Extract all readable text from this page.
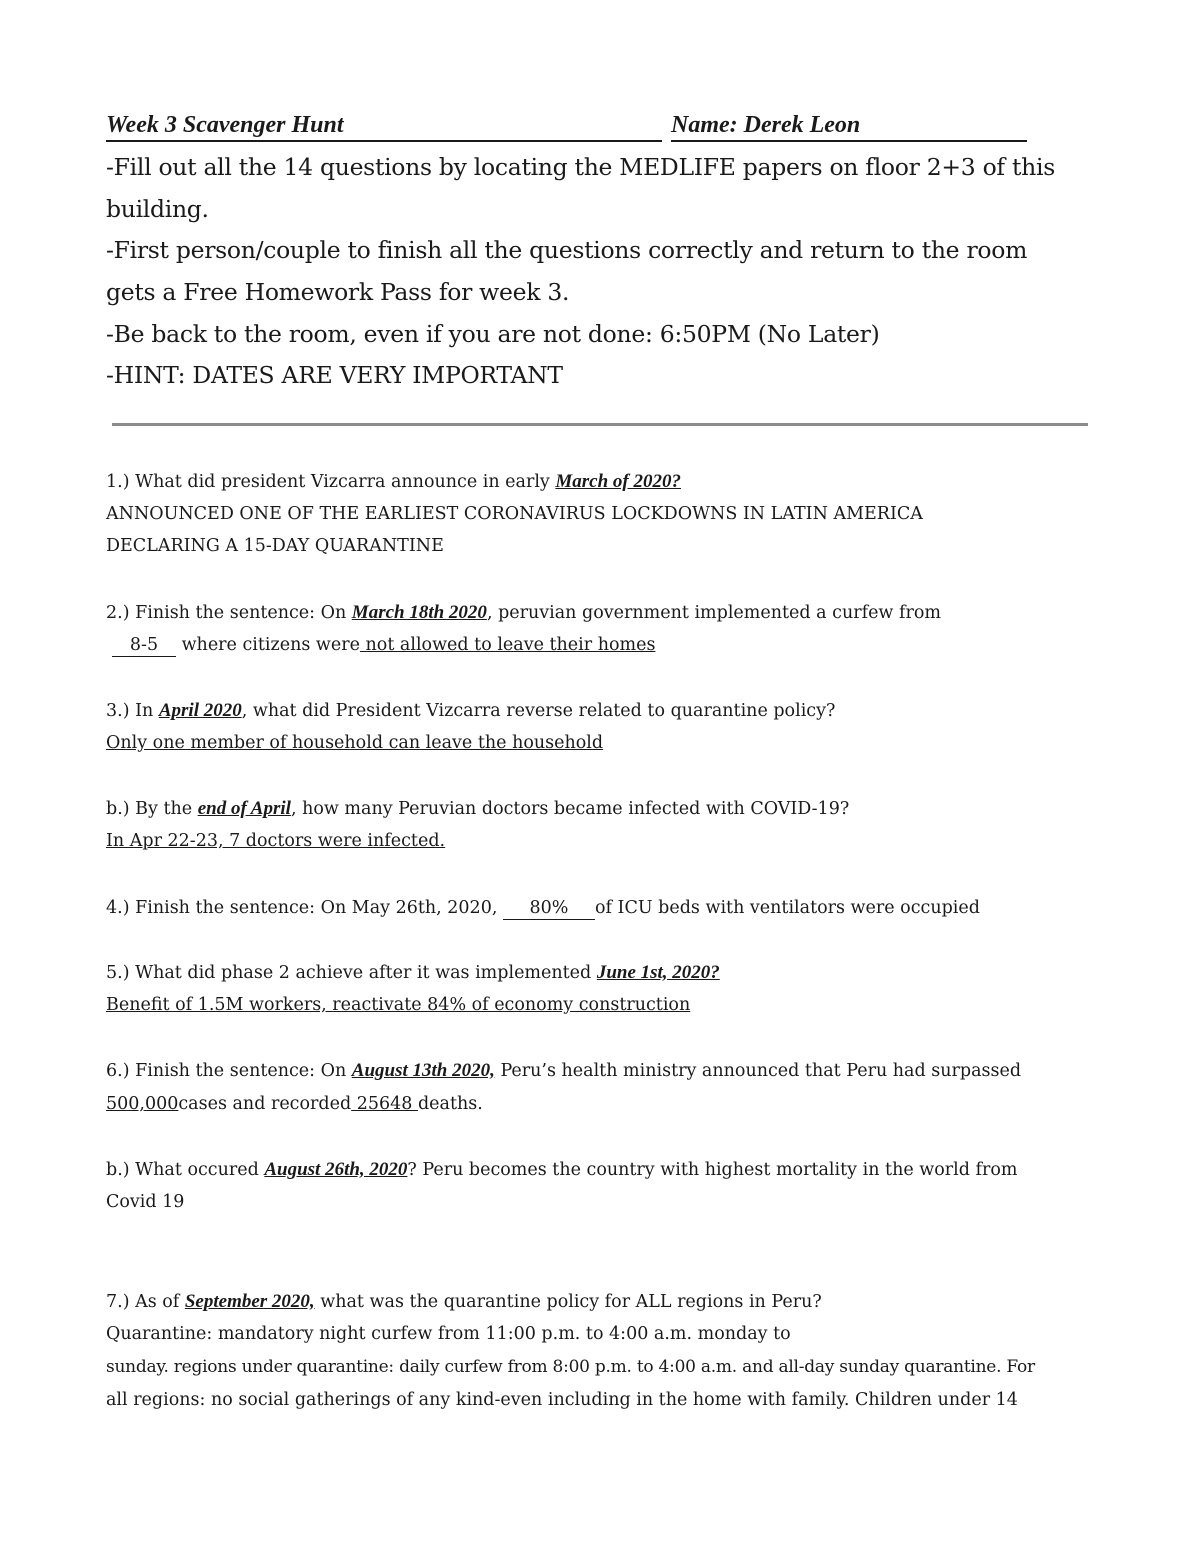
Week 3 Scavenger Hunt	Name: Derek Leon
-Fill out all the 14 questions by locating the MEDLIFE papers on floor 2+3 of this
building.
-First person/couple to finish all the questions correctly and return to the room
gets a Free Homework Pass for week 3.
-Be back to the room, even if you are not done: 6:50PM (No Later)
-HINT: DATES ARE VERY IMPORTANT
1.) What did president Vizcarra announce in early March of 2020?
ANNOUNCED ONE OF THE EARLIEST CORONAVIRUS LOCKDOWNS IN LATIN AMERICA
DECLARING A 15-DAY QUARANTINE
2.) Finish the sentence: On March 18th 2020, peruvian government implemented a curfew from
8-5 where citizens were not allowed to leave their homes
3.) In April 2020, what did President Vizcarra reverse related to quarantine policy?
Only one member of household can leave the household
b.) By the end of April, how many Peruvian doctors became infected with COVID-19?
In Apr 22-23, 7 doctors were infected.
4.) Finish the sentence: On May 26th, 2020, 80% of ICU beds with ventilators were occupied
5.) What did phase 2 achieve after it was implemented June 1st, 2020?
Benefit of 1.5M workers, reactivate 84% of economy construction
6.) Finish the sentence: On August 13th 2020, Peru’s health ministry announced that Peru had surpassed
500,000cases and recorded 25648 deaths.
b.) What occured August 26th, 2020? Peru becomes the country with highest mortality in the world from
Covid 19
7.) As of September 2020, what was the quarantine policy for ALL regions in Peru?
Quarantine: mandatory night curfew from 11:00 p.m. to 4:00 a.m. monday to
sunday. regions under quarantine: daily curfew from 8:00 p.m. to 4:00 a.m. and all-day sunday quarantine. For
all regions: no social gatherings of any kind-even including in the home with family. Children under 14
